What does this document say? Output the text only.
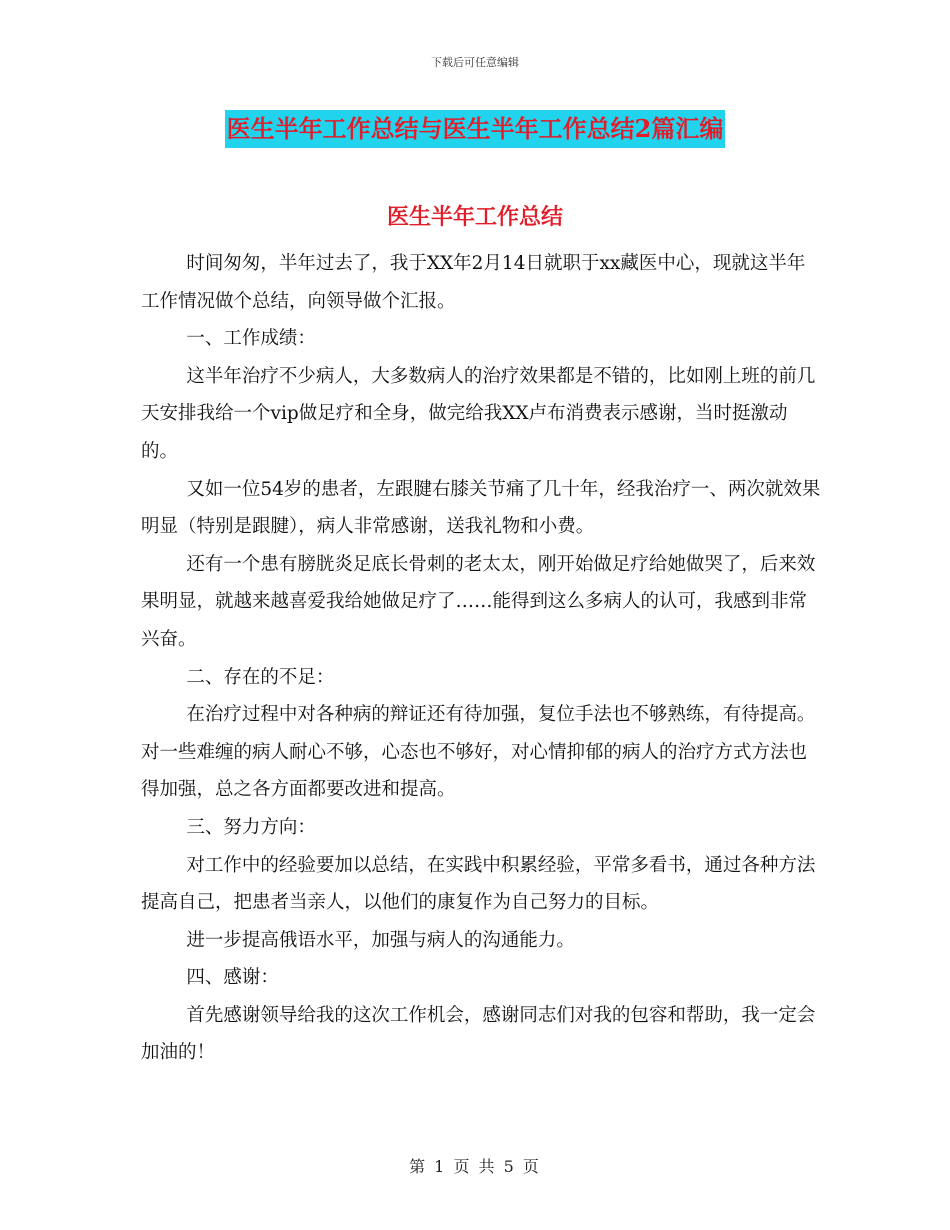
下载后可任意编辑
医生半年工作总结与医生半年工作总结2篇汇编
医生半年工作总结

时间匆匆，半年过去了，我于XX年2月14日就职于xx藏医中心，现就这半年工作情况做个总结，向领导做个汇报。

一、工作成绩：

这半年治疗不少病人，大多数病人的治疗效果都是不错的，比如刚上班的前几天安排我给一个vip做足疗和全身，做完给我XX卢布消费表示感谢，当时挺激动的。

又如一位54岁的患者，左跟腱右膝关节痛了几十年，经我治疗一、两次就效果明显（特别是跟腱），病人非常感谢，送我礼物和小费。

还有一个患有膀胱炎足底长骨刺的老太太，刚开始做足疗给她做哭了，后来效果明显，就越来越喜爱我给她做足疗了……能得到这么多病人的认可，我感到非常兴奋。

二、存在的不足：

在治疗过程中对各种病的辩证还有待加强，复位手法也不够熟练，有待提高。对一些难缠的病人耐心不够，心态也不够好，对心情抑郁的病人的治疗方式方法也得加强，总之各方面都要改进和提高。

三、努力方向：

对工作中的经验要加以总结，在实践中积累经验，平常多看书，通过各种方法提高自己，把患者当亲人，以他们的康复作为自己努力的目标。

进一步提高俄语水平，加强与病人的沟通能力。

四、感谢：

首先感谢领导给我的这次工作机会，感谢同志们对我的包容和帮助，我一定会加油的！

第 1 页 共 5 页
